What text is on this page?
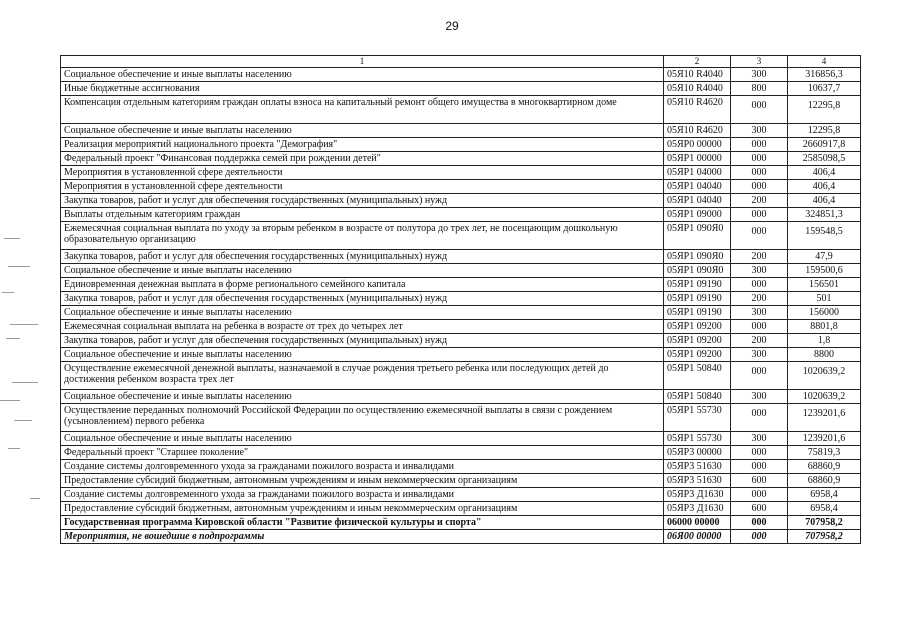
29
1	2	3	4
Социальное обеспечение и иные выплаты населению	05Я10 R4040	300	316856,3
Иные бюджетные ассигнования	05Я10 R4040	800	10637,7
Компенсация отдельным категориям граждан оплаты взноса на капитальный ремонт общего имущества в многоквартирном доме	05Я10 R4620	000	12295,8
Социальное обеспечение и иные выплаты населению	05Я10 R4620	300	12295,8
Реализация мероприятий национального проекта "Демография"	05ЯР0 00000	000	2660917,8
Федеральный проект "Финансовая поддержка семей при рождении детей"	05ЯР1 00000	000	2585098,5
Мероприятия в установленной сфере деятельности	05ЯР1 04000	000	406,4
Мероприятия в установленной сфере деятельности	05ЯР1 04040	000	406,4
Закупка товаров, работ и услуг для обеспечения государственных (муниципальных) нужд	05ЯР1 04040	200	406,4
Выплаты отдельным категориям граждан	05ЯР1 09000	000	324851,3
Ежемесячная социальная выплата по уходу за вторым ребенком в возрасте от полутора до трех лет, не посещающим дошкольную образовательную организацию	05ЯР1 090Я0	000	159548,5
Закупка товаров, работ и услуг для обеспечения государственных (муниципальных) нужд	05ЯР1 090Я0	200	47,9
Социальное обеспечение и иные выплаты населению	05ЯР1 090Я0	300	159500,6
Единовременная денежная выплата в форме регионального семейного капитала	05ЯР1 09190	000	156501
Закупка товаров, работ и услуг для обеспечения государственных (муниципальных) нужд	05ЯР1 09190	200	501
Социальное обеспечение и иные выплаты населению	05ЯР1 09190	300	156000
Ежемесячная социальная выплата на ребенка в возрасте от трех до четырех лет	05ЯР1 09200	000	8801,8
Закупка товаров, работ и услуг для обеспечения государственных (муниципальных) нужд	05ЯР1 09200	200	1,8
Социальное обеспечение и иные выплаты населению	05ЯР1 09200	300	8800
Осуществление ежемесячной денежной выплаты, назначаемой в случае рождения третьего ребенка или последующих детей до достижения ребенком возраста трех лет	05ЯР1 50840	000	1020639,2
Социальное обеспечение и иные выплаты населению	05ЯР1 50840	300	1020639,2
Осуществление переданных полномочий Российской Федерации по осуществлению ежемесячной выплаты в связи с рождением (усыновлением) первого ребенка	05ЯР1 55730	000	1239201,6
Социальное обеспечение и иные выплаты населению	05ЯР1 55730	300	1239201,6
Федеральный проект "Старшее поколение"	05ЯР3 00000	000	75819,3
Создание системы долговременного ухода за гражданами пожилого возраста и инвалидами	05ЯР3 51630	000	68860,9
Предоставление субсидий бюджетным, автономным учреждениям и иным некоммерческим организациям	05ЯР3 51630	600	68860,9
Создание системы долговременного ухода за гражданами пожилого возраста и инвалидами	05ЯР3 Д1630	000	6958,4
Предоставление субсидий бюджетным, автономным учреждениям и иным некоммерческим организациям	05ЯР3 Д1630	600	6958,4
Государственная программа Кировской области "Развитие физической культуры и спорта"	06000 00000	000	707958,2
Мероприятия, не вошедшие в подпрограммы	06Я00 00000	000	707958,2
